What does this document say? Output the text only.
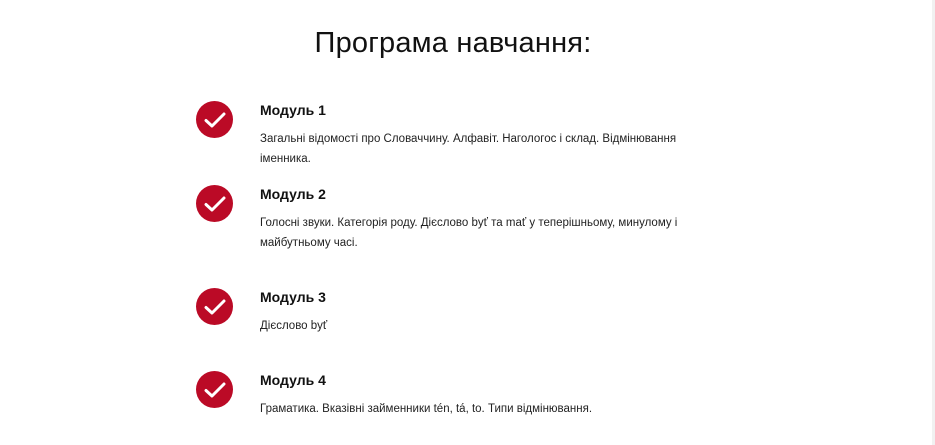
Програма навчання:
Модуль 1
Загальні відомості про Словаччину. Алфавіт. Нагологос і склад. Відмінювання іменника.
Модуль 2
Голосні звуки. Категорія роду. Дієслово byť та mať у теперішньому, минулому і майбутньому часі.
Модуль 3
Дієслово byť
Модуль 4
Граматика. Вказівні займенники tén, tá, to. Типи відмінювання.
